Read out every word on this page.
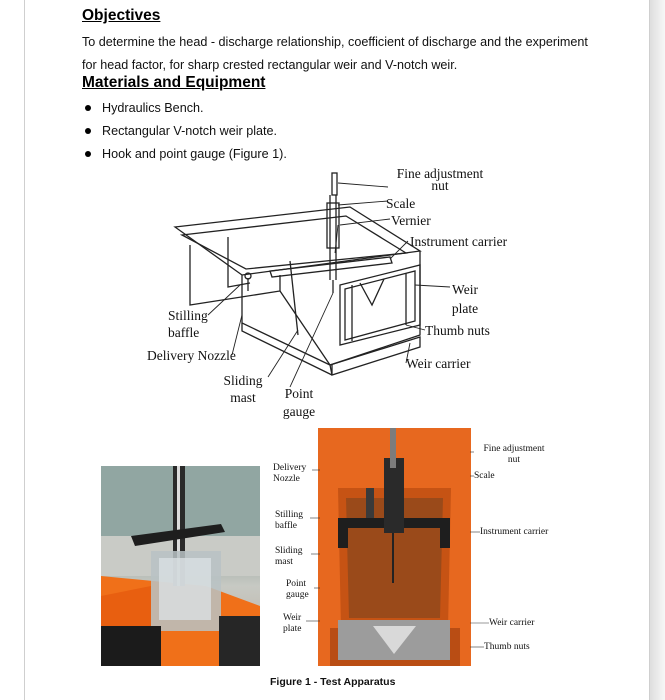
Objectives

To determine the head - discharge relationship, coefficient of discharge and the experiment for head factor, for sharp crested rectangular weir and V-notch weir.

Materials and Equipment
Hydraulics Bench.
Rectangular V-notch weir plate.
Hook and point gauge (Figure 1).
Fine adjustment
nut
Scale
Vernier
Instrument carrier
Weir
plate
Thumb nuts
Weir carrier
Stilling
baffle
Delivery Nozzle
Sliding
mast	Point
gauge
Delivery
Nozzle
Stilling
baffle
Sliding
mast
Point
gauge
Weir
plate
Fine adjustment
nut
Scale
Instrument carrier
Weir carrier
Thumb nuts

Figure 1 - Test Apparatus
